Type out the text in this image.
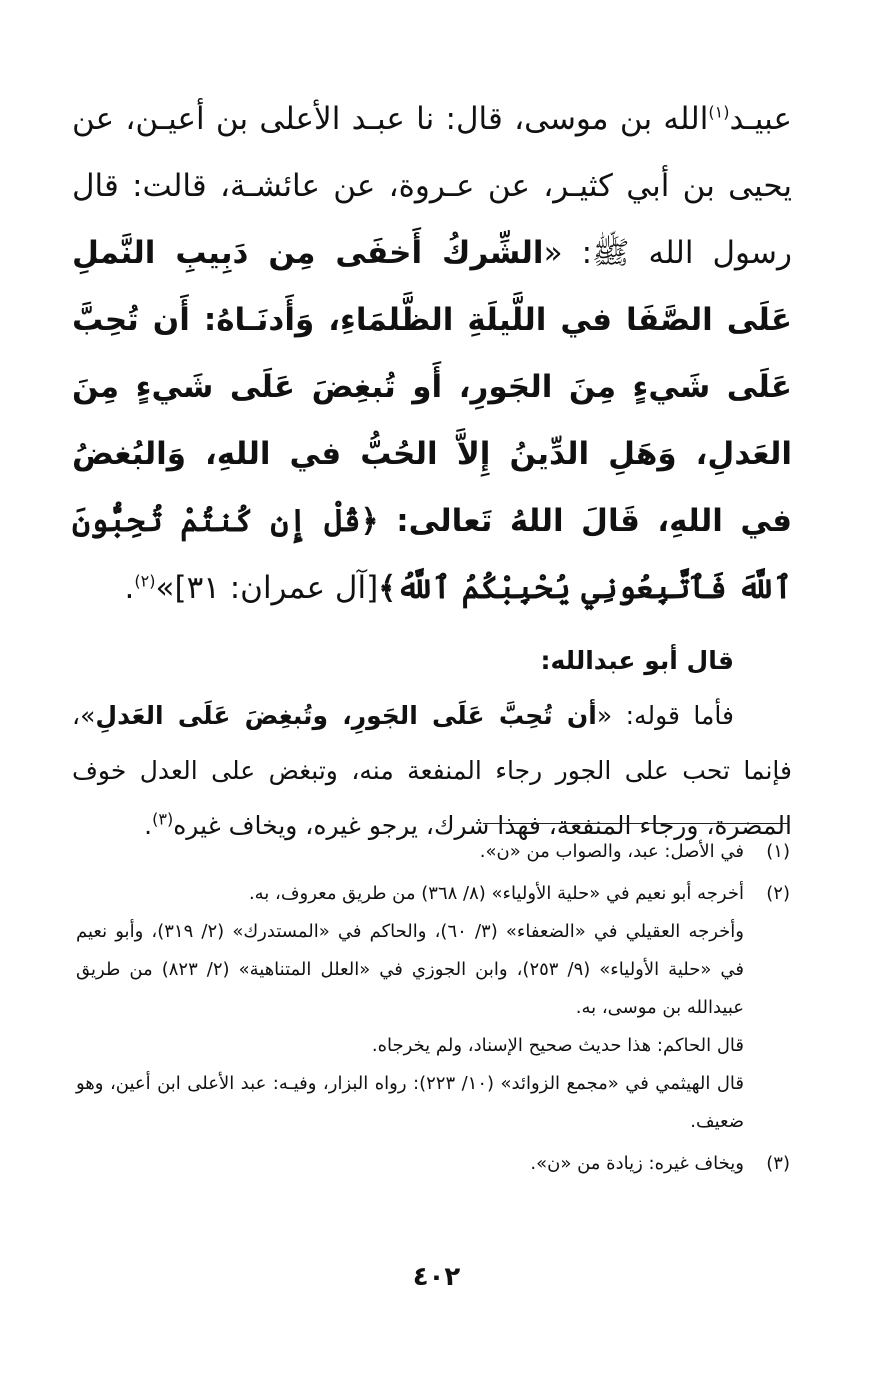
عبيـد$^{(١)}$الله بن موسى، قال: نا عبـد الأعلى بن أعيـن، عن يحيى بن أبي كثيـر، عن عـروة، عن عائشـة، قالت: قال رسول الله ﷺ: «الشِّركُ أَخفَى مِن دَبِيبِ النَّملِ عَلَى الصَّفَا في اللَّيلَةِ الظَّلمَاءِ، وَأَدنَـاهُ: أَن تُحِبَّ عَلَى شَيءٍ مِنَ الجَورِ، أَو تُبغِضَ عَلَى شَيءٍ مِنَ العَدلِ، وَهَلِ الدِّينُ إِلاَّ الحُبُّ في اللهِ، وَالبُغضُ في اللهِ، قَالَ اللهُ تَعالى: ﴿قُلْ إِن كُنتُمْ تُحِبُّونَ ٱللَّهَ فَٱتَّبِعُونِي يُحْبِبْكُمُ ٱللَّهُ﴾[آل عمران: ٣١]»$^{(٢)}$.

قال أبو عبدالله:

فأما قوله: «أن تُحِبَّ عَلَى الجَورِ، وتُبغِضَ عَلَى العَدلِ»، فإنما تحب على الجور رجاء المنفعة منه، وتبغض على العدل خوف المضرة، ورجاء المنفعة، فهذا شرك، يرجو غيره، ويخاف غيره$^{(٣)}$.

(١)

في الأصل: عبد، والصواب من «ن».

(٢)

أخرجه أبو نعيم في «حلية الأولياء» (٨/ ٣٦٨) من طريق معروف، به.

وأخرجه العقيلي في «الضعفاء» (٣/ ٦٠)، والحاكم في «المستدرك» (٢/ ٣١٩)، وأبو نعيم في «حلية الأولياء» (٩/ ٢٥٣)، وابن الجوزي في «العلل المتناهية» (٢/ ٨٢٣) من طريق عبيدالله بن موسى، به.

قال الحاكم: هذا حديث صحيح الإسناد، ولم يخرجاه.

قال الهيثمي في «مجمع الزوائد» (١٠/ ٢٢٣): رواه البزار، وفيـه: عبد الأعلى ابن أعين، وهو ضعيف.

(٣)

ويخاف غيره: زيادة من «ن».

٤٠٢
